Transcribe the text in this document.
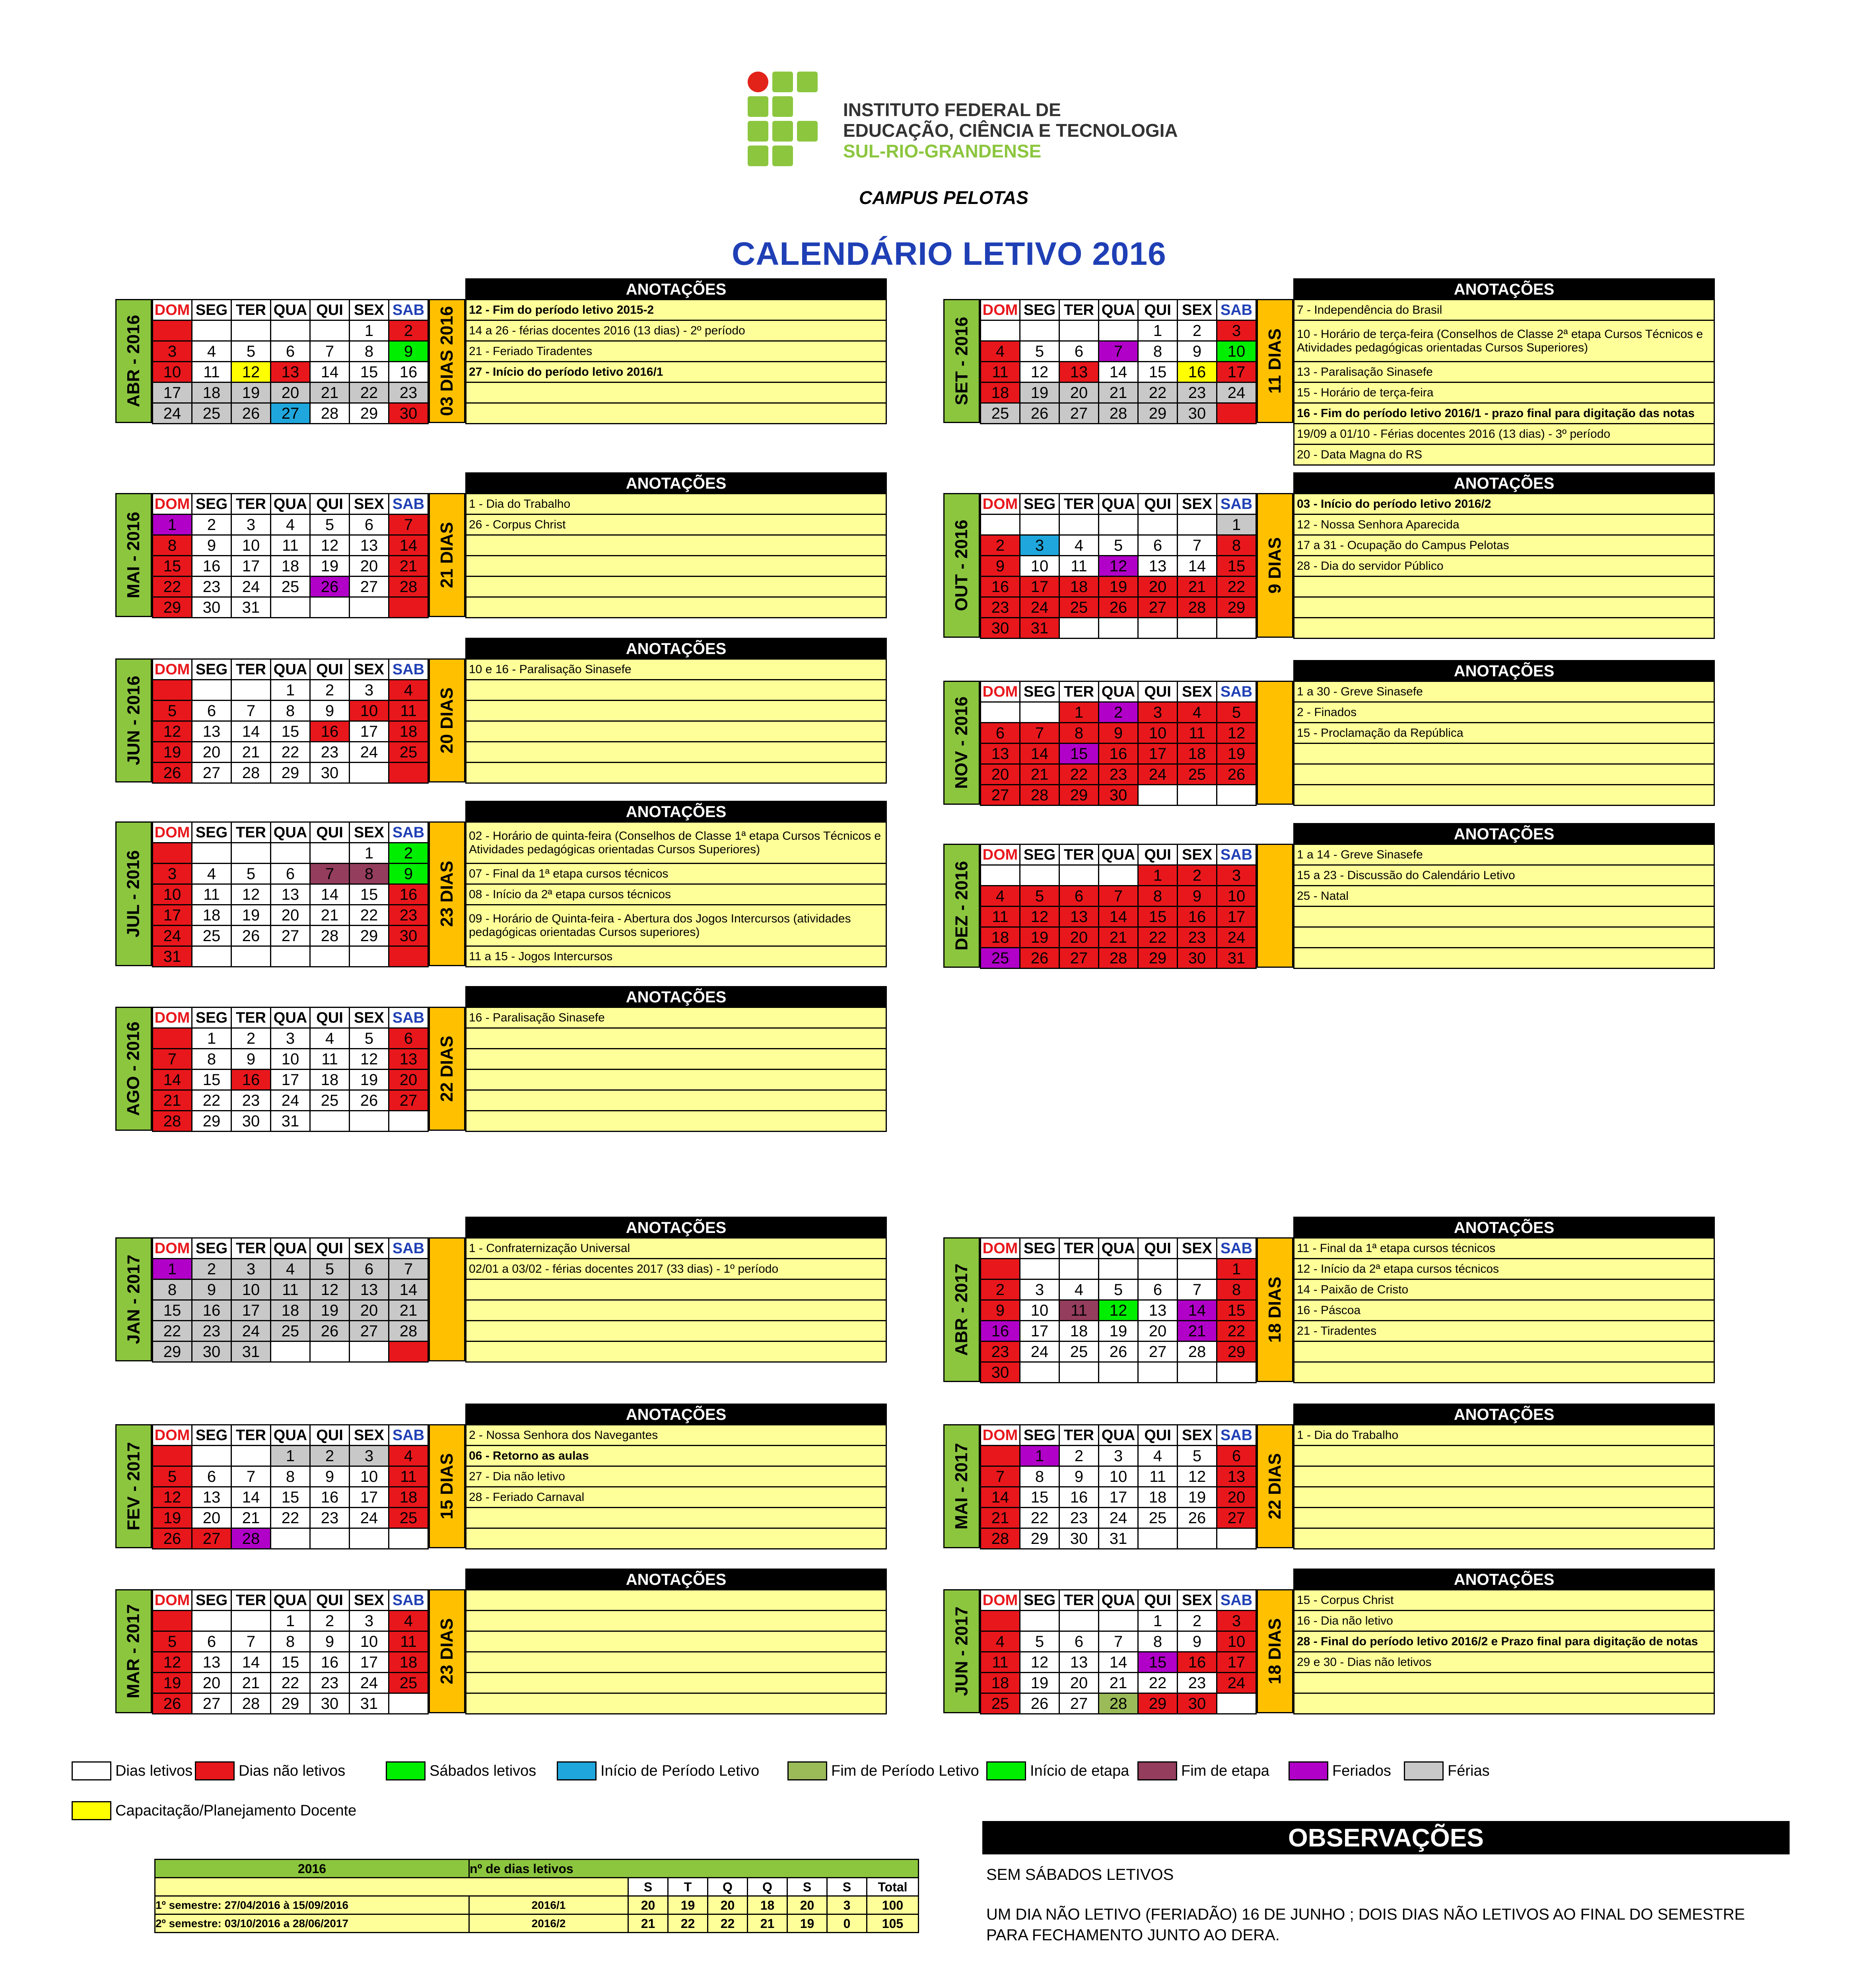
INSTITUTO FEDERAL DE
EDUCAÇÃO, CIÊNCIA E TECNOLOGIA
SUL-RIO-GRANDENSE
CAMPUS PELOTAS
CALENDÁRIO LETIVO 2016
ABR - 2016
DOM	SEG	TER	QUA	QUI	SEX	SAB
					1	2
3	4	5	6	7	8	9
10	11	12	13	14	15	16
17	18	19	20	21	22	23
24	25	26	27	28	29	30 03 DIAS 2016
ANOTAÇÕES
12 - Fim do período letivo 2015-2
14 a 26 - férias docentes 2016 (13 dias) - 2º período
21 - Feriado Tiradentes
27 - Início do período letivo 2016/1

MAI - 2016
DOM	SEG	TER	QUA	QUI	SEX	SAB
1	2	3	4	5	6	7
8	9	10	11	12	13	14
15	16	17	18	19	20	21
22	23	24	25	26	27	28
29	30	31				
21 DIAS
ANOTAÇÕES
1 - Dia do Trabalho
26 - Corpus Christ

JUN - 2016
DOM	SEG	TER	QUA	QUI	SEX	SAB
			1	2	3	4
5	6	7	8	9	10	11
12	13	14	15	16	17	18
19	20	21	22	23	24	25
26	27	28	29	30		
20 DIAS
ANOTAÇÕES
10 e 16 - Paralisação Sinasefe

JUL - 2016
DOM	SEG	TER	QUA	QUI	SEX	SAB
					1	2
3	4	5	6	7	8	9
10	11	12	13	14	15	16
17	18	19	20	21	22	23
24	25	26	27	28	29	30
31						
23 DIAS
ANOTAÇÕES
02 - Horário de quinta-feira (Conselhos de Classe 1ª etapa Cursos Técnicos e Atividades pedagógicas orientadas Cursos Superiores)
07 - Final da 1ª etapa cursos técnicos
08 - Início da 2ª etapa cursos técnicos
09 - Horário de Quinta-feira - Abertura dos Jogos Intercursos (atividades pedagógicas orientadas Cursos superiores)
11 a 15 - Jogos Intercursos
AGO - 2016
DOM	SEG	TER	QUA	QUI	SEX	SAB
	1	2	3	4	5	6
7	8	9	10	11	12	13
14	15	16	17	18	19	20
21	22	23	24	25	26	27
28	29	30	31			
22 DIAS
ANOTAÇÕES
16 - Paralisação Sinasefe

SET - 2016
DOM	SEG	TER	QUA	QUI	SEX	SAB
				1	2	3
4	5	6	7	8	9	10
11	12	13	14	15	16	17
18	19	20	21	22	23	24
25	26	27	28	29	30	
11 DIAS
ANOTAÇÕES
7 - Independência do Brasil
10 - Horário de terça-feira (Conselhos de Classe 2ª etapa Cursos Técnicos e Atividades pedagógicas orientadas Cursos Superiores)
13 - Paralisação Sinasefe
15 - Horário de terça-feira
16 - Fim do período letivo 2016/1 - prazo final para digitação das notas
19/09 a 01/10 - Férias docentes 2016 (13 dias) - 3º período
20 - Data Magna do RS
OUT - 2016
DOM	SEG	TER	QUA	QUI	SEX	SAB
						1
2	3	4	5	6	7	8
9	10	11	12	13	14	15
16	17	18	19	20	21	22
23	24	25	26	27	28	29
30	31					
9 DIAS
ANOTAÇÕES
03 - Início do período letivo 2016/2
12 - Nossa Senhora Aparecida
17 a 31 - Ocupação do Campus Pelotas
28 - Dia do servidor Público

NOV - 2016
DOM	SEG	TER	QUA	QUI	SEX	SAB
		1	2	3	4	5
6	7	8	9	10	11	12
13	14	15	16	17	18	19
20	21	22	23	24	25	26
27	28	29	30			
ANOTAÇÕES
1 a 30 - Greve Sinasefe
2 - Finados
15 - Proclamação da República

DEZ - 2016
DOM	SEG	TER	QUA	QUI	SEX	SAB
				1	2	3
4	5	6	7	8	9	10
11	12	13	14	15	16	17
18	19	20	21	22	23	24
25	26	27	28	29	30	31
ANOTAÇÕES
1 a 14 - Greve Sinasefe
15 a 23 - Discussão do Calendário Letivo
25 - Natal

JAN - 2017
DOM	SEG	TER	QUA	QUI	SEX	SAB
1	2	3	4	5	6	7
8	9	10	11	12	13	14
15	16	17	18	19	20	21
22	23	24	25	26	27	28
29	30	31				
ANOTAÇÕES
1 - Confraternização Universal
02/01 a 03/02 - férias docentes 2017 (33 dias) - 1º período

FEV - 2017
DOM	SEG	TER	QUA	QUI	SEX	SAB
			1	2	3	4
5	6	7	8	9	10	11
12	13	14	15	16	17	18
19	20	21	22	23	24	25
26	27	28				
15 DIAS
ANOTAÇÕES
2 - Nossa Senhora dos Navegantes
06 - Retorno as aulas
27 - Dia não letivo
28 - Feriado Carnaval

MAR - 2017
DOM	SEG	TER	QUA	QUI	SEX	SAB
			1	2	3	4
5	6	7	8	9	10	11
12	13	14	15	16	17	18
19	20	21	22	23	24	25
26	27	28	29	30	31	
23 DIAS
ANOTAÇÕES

ABR - 2017
DOM	SEG	TER	QUA	QUI	SEX	SAB
						1
2	3	4	5	6	7	8
9	10	11	12	13	14	15
16	17	18	19	20	21	22
23	24	25	26	27	28	29
30						
18 DIAS
ANOTAÇÕES
11 - Final da 1ª etapa cursos técnicos
12 - Início da 2ª etapa cursos técnicos
14 - Paixão de Cristo
16 - Páscoa
21 - Tiradentes

MAI - 2017
DOM	SEG	TER	QUA	QUI	SEX	SAB
	1	2	3	4	5	6
7	8	9	10	11	12	13
14	15	16	17	18	19	20
21	22	23	24	25	26	27
28	29	30	31			
22 DIAS
ANOTAÇÕES
1 - Dia do Trabalho

JUN - 2017
DOM	SEG	TER	QUA	QUI	SEX	SAB
				1	2	3
4	5	6	7	8	9	10
11	12	13	14	15	16	17
18	19	20	21	22	23	24
25	26	27	28	29	30	
18 DIAS
ANOTAÇÕES
15 - Corpus Christ
16 - Dia não letivo
28 - Final do período letivo 2016/2 e Prazo final para digitação de notas
29 e 30 - Dias não letivos

Dias letivos	Dias não letivos	Sábados letivos	Início de Período Letivo	Fim de Período Letivo	Início de etapa	Fim de etapa	Feriados	Férias
Capacitação/Planejamento Docente
2016	nº de dias letivos							
		S	T	Q	Q	S	S	Total
1º semestre: 27/04/2016 à 15/09/2016	2016/1	20	19	20	18	20	3	100
2º semestre: 03/10/2016 a 28/06/2017	2016/2	21	22	22	21	19	0	105
OBSERVAÇÕES
SEM SÁBADOS LETIVOS
UM DIA NÃO LETIVO (FERIADÃO) 16 DE JUNHO ; DOIS DIAS NÃO LETIVOS AO FINAL DO SEMESTRE
PARA FECHAMENTO JUNTO AO DERA.
